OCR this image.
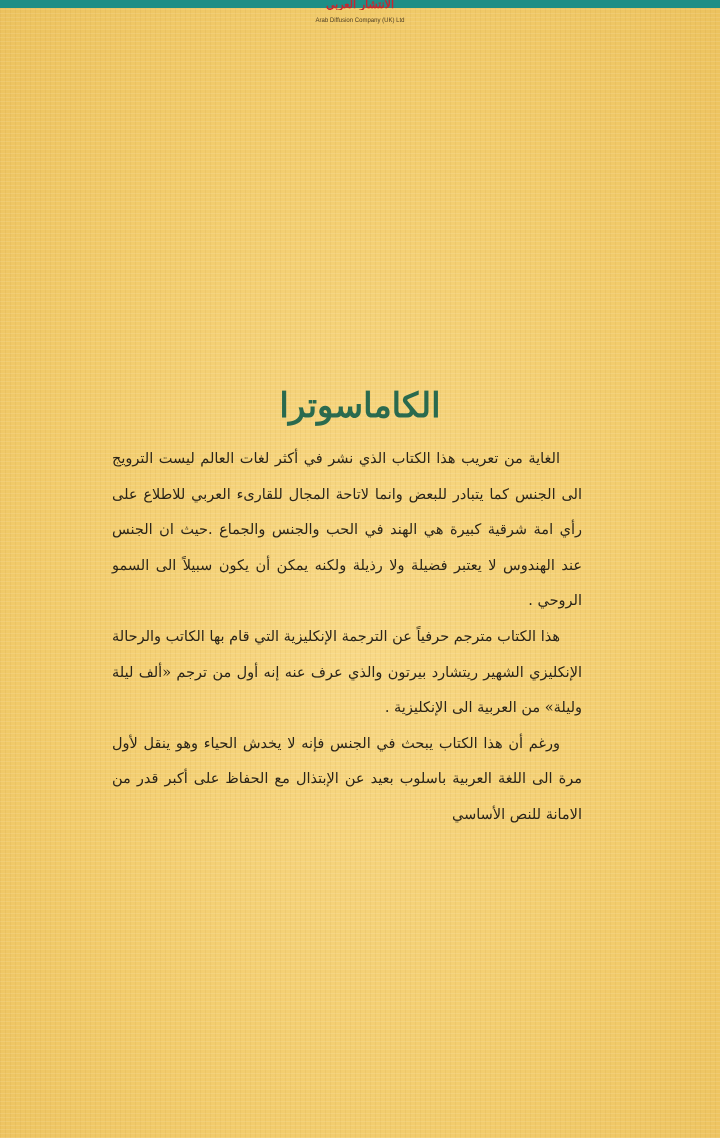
الانتشار العربي
Arab Diffusion Company (UK) Ltd
الكاماسوترا

الغاية من تعريب هذا الكتاب الذي نشر في أكثر لغات العالم ليست الترويج الى الجنس كما يتبادر للبعض وانما لاتاحة المجال للقارىء العربي للاطلاع على رأي امة شرقية كبيرة هي الهند في الحب والجنس والجماع .حيث ان الجنس عند الهندوس لا يعتبر فضيلة ولا رذيلة ولكنه يمكن أن يكون سبيلاً الى السمو الروحي .

هذا الكتاب مترجم حرفياً عن الترجمة الإنكليزية التي قام بها الكاتب والرحالة الإنكليزي الشهير ريتشارد بيرتون والذي عرف عنه إنه أول من ترجم «ألف ليلة وليلة» من العربية الى الإنكليزية .

ورغم أن هذا الكتاب يبحث في الجنس فإنه لا يخدش الحياء وهو ينقل لأول مرة الى اللغة العربية باسلوب بعيد عن الإبتذال مع الحفاظ على أكبر قدر من الامانة للنص الأساسي
